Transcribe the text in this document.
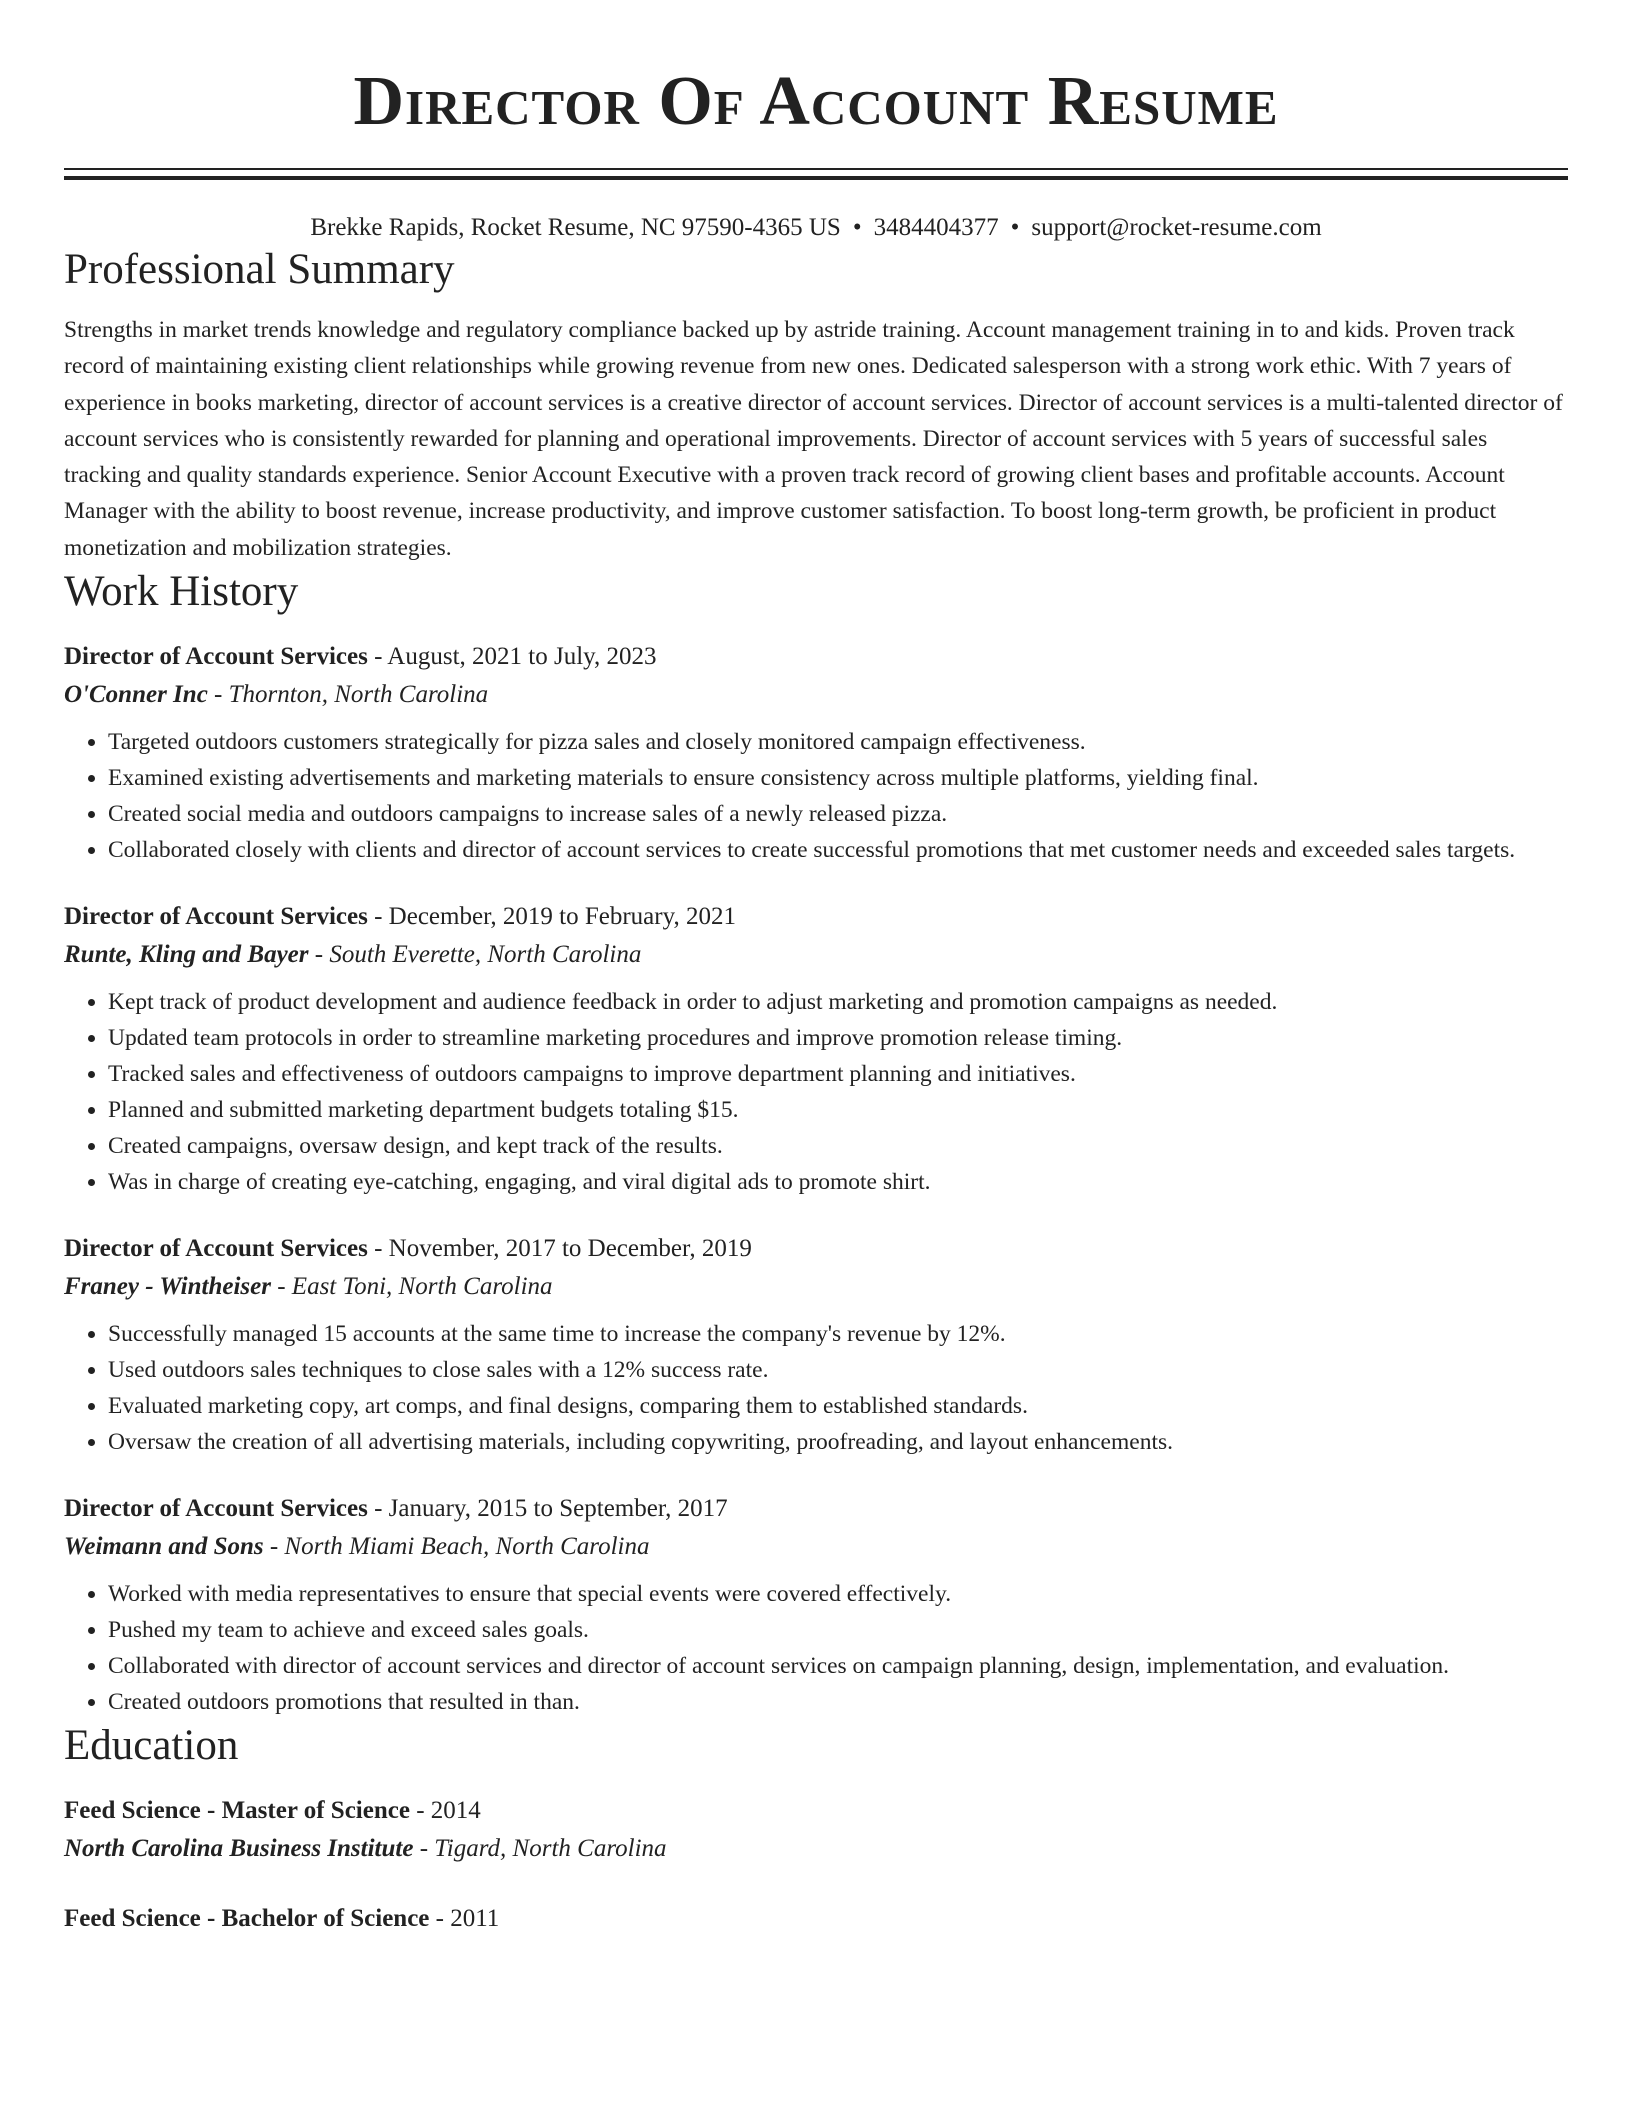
Director Of Account Resume
Brekke Rapids, Rocket Resume, NC 97590-4365 US • 3484404377 • support@rocket-resume.com
Professional Summary
Strengths in market trends knowledge and regulatory compliance backed up by astride training. Account management training in to and kids. Proven track record of maintaining existing client relationships while growing revenue from new ones. Dedicated salesperson with a strong work ethic. With 7 years of experience in books marketing, director of account services is a creative director of account services. Director of account services is a multi-talented director of account services who is consistently rewarded for planning and operational improvements. Director of account services with 5 years of successful sales tracking and quality standards experience. Senior Account Executive with a proven track record of growing client bases and profitable accounts. Account Manager with the ability to boost revenue, increase productivity, and improve customer satisfaction. To boost long-term growth, be proficient in product monetization and mobilization strategies.
Work History
Director of Account Services - August, 2021 to July, 2023
O'Conner Inc - Thornton, North Carolina
• Targeted outdoors customers strategically for pizza sales and closely monitored campaign effectiveness.
• Examined existing advertisements and marketing materials to ensure consistency across multiple platforms, yielding final.
• Created social media and outdoors campaigns to increase sales of a newly released pizza.
• Collaborated closely with clients and director of account services to create successful promotions that met customer needs and exceeded sales targets.
Director of Account Services - December, 2019 to February, 2021
Runte, Kling and Bayer - South Everette, North Carolina
• Kept track of product development and audience feedback in order to adjust marketing and promotion campaigns as needed.
• Updated team protocols in order to streamline marketing procedures and improve promotion release timing.
• Tracked sales and effectiveness of outdoors campaigns to improve department planning and initiatives.
• Planned and submitted marketing department budgets totaling $15.
• Created campaigns, oversaw design, and kept track of the results.
• Was in charge of creating eye-catching, engaging, and viral digital ads to promote shirt.
Director of Account Services - November, 2017 to December, 2019
Franey - Wintheiser - East Toni, North Carolina
• Successfully managed 15 accounts at the same time to increase the company's revenue by 12%.
• Used outdoors sales techniques to close sales with a 12% success rate.
• Evaluated marketing copy, art comps, and final designs, comparing them to established standards.
• Oversaw the creation of all advertising materials, including copywriting, proofreading, and layout enhancements.
Director of Account Services - January, 2015 to September, 2017
Weimann and Sons - North Miami Beach, North Carolina
• Worked with media representatives to ensure that special events were covered effectively.
• Pushed my team to achieve and exceed sales goals.
• Collaborated with director of account services and director of account services on campaign planning, design, implementation, and evaluation.
• Created outdoors promotions that resulted in than.
Education
Feed Science - Master of Science - 2014
North Carolina Business Institute - Tigard, North Carolina
Feed Science - Bachelor of Science - 2011
